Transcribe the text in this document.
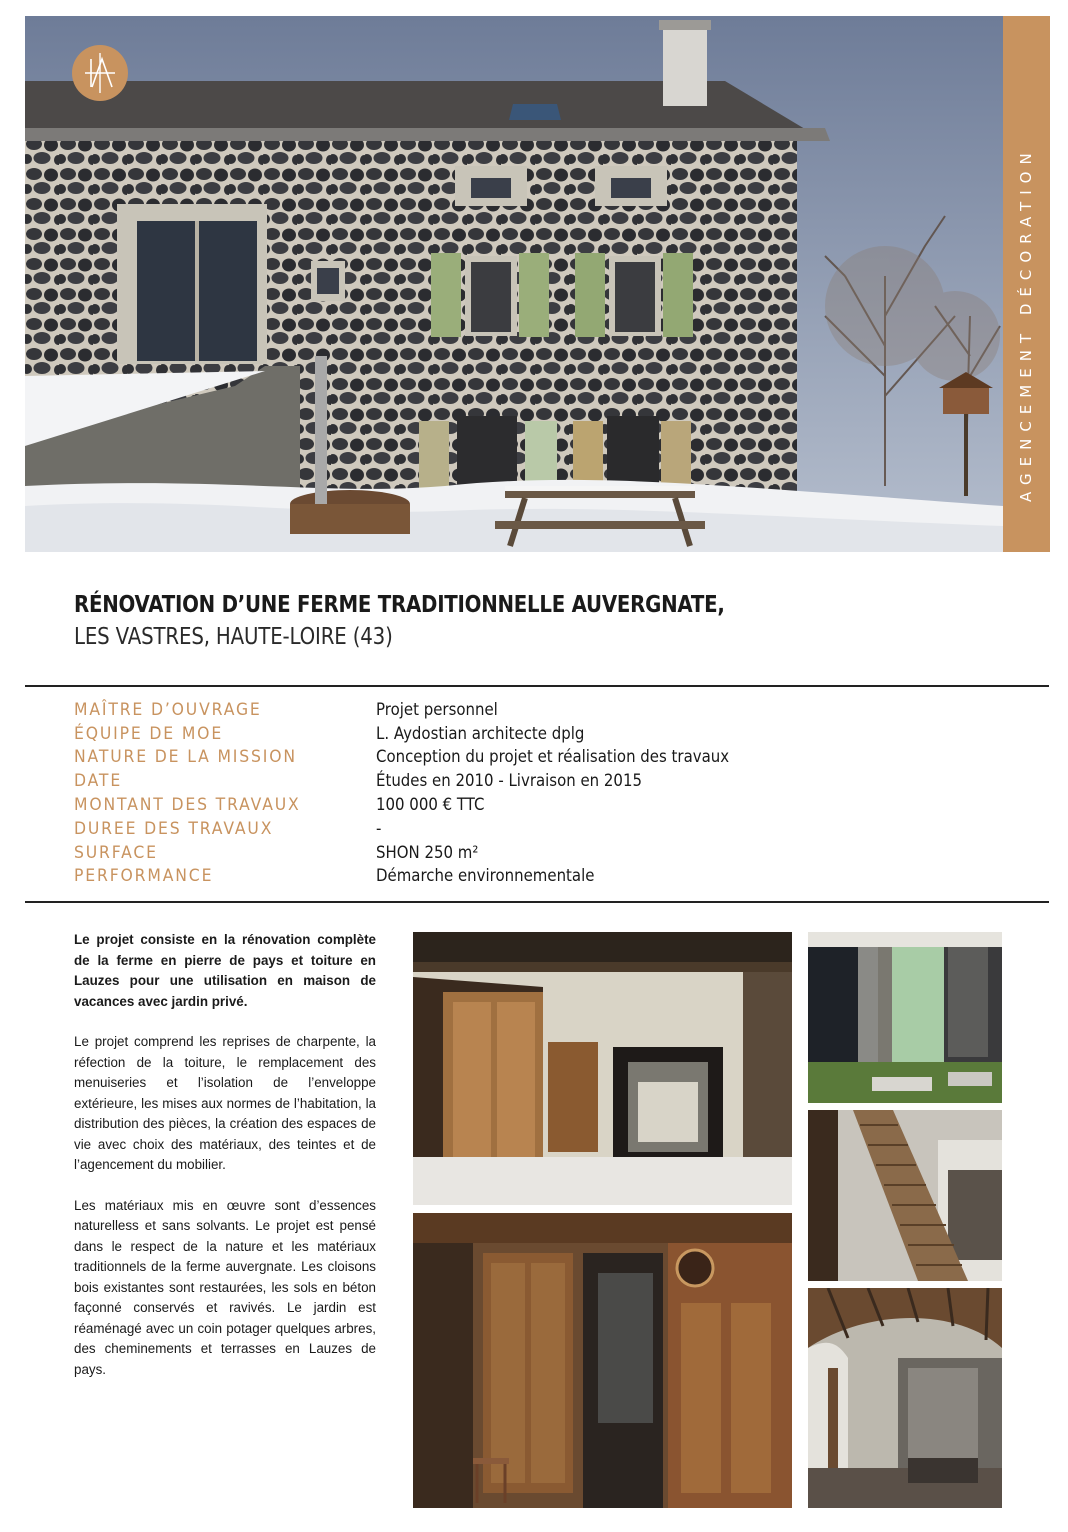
AGENCEMENT DÉCORATION
RÉNOVATION D’UNE FERME TRADITIONNELLE AUVERGNATE,
LES VASTRES, HAUTE-LOIRE (43)
MAÎTRE D’OUVRAGE	Projet personnel
ÉQUIPE DE MOE	L. Aydostian architecte dplg
NATURE DE LA MISSION	Conception du projet et réalisation des travaux
DATE	Études en 2010 - Livraison en 2015
MONTANT DES TRAVAUX	100 000 € TTC
DUREE DES TRAVAUX	-
SURFACE	SHON 250 m²
PERFORMANCE	Démarche environnementale

Le projet consiste en la rénovation complète de la ferme en pierre de pays et toiture en Lauzes pour une utilisation en maison de vacances avec jardin privé.

Le projet comprend les reprises de charpente, la réfection de la toiture, le remplacement des menuiseries et l’isolation de l’enveloppe extérieure, les mises aux normes de l’habitation, la distribution des pièces, la création des espaces de vie avec choix des matériaux, des teintes et de l’agencement du mobilier.

Les matériaux mis en œuvre sont d’essences naturelless et sans solvants. Le projet est pensé dans le respect de la nature et les matériaux traditionnels de la ferme auvergnate. Les cloisons bois existantes sont restaurées, les sols en béton façonné conservés et ravivés. Le jardin est réaménagé avec un coin potager quelques arbres, des cheminements et terrasses en Lauzes de pays.
